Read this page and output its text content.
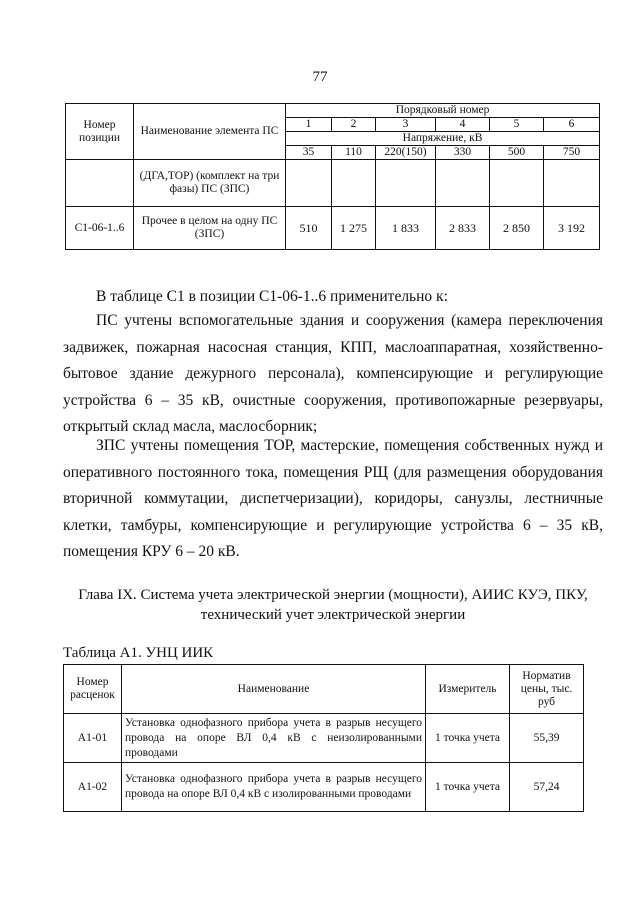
77
Номер позиции	Наименование элемента ПС	Порядковый номер					
		1	2	3	4	5	6
		Напряжение, кВ					
		35	110	220(150)	330	500	750
	(ДГА,ТОР) (комплект на три фазы) ПС (ЗПС)						
С1-06-1..6	Прочее в целом на одну ПС (ЗПС)	510	1 275	1 833	2 833	2 850	3 192
В таблице С1 в позиции С1-06-1..6 применительно к:
ПС учтены вспомогательные здания и сооружения (камера переключения задвижек, пожарная насосная станция, КПП, маслоаппаратная, хозяйственно-бытовое здание дежурного персонала), компенсирующие и регулирующие устройства 6 – 35 кВ, очистные сооружения, противопожарные резервуары, открытый склад масла, маслосборник;
ЗПС учтены помещения ТОР, мастерские, помещения собственных нужд и оперативного постоянного тока, помещения РЩ (для размещения оборудования вторичной коммутации, диспетчеризации), коридоры, санузлы, лестничные клетки, тамбуры, компенсирующие и регулирующие устройства 6 – 35 кВ, помещения КРУ 6 – 20 кВ.
Глава IX. Система учета электрической энергии (мощности), АИИС КУЭ, ПКУ,
технический учет электрической энергии
Таблица А1. УНЦ ИИК
Номер расценок	Наименование	Измеритель	Норматив цены, тыс. руб
А1-01	Установка однофазного прибора учета в разрыв несущего провода на опоре ВЛ 0,4 кВ с неизолированными проводами	1 точка учета	55,39
А1-02	Установка однофазного прибора учета в разрыв несущего провода на опоре ВЛ 0,4 кВ с изолированными проводами	1 точка учета	57,24
